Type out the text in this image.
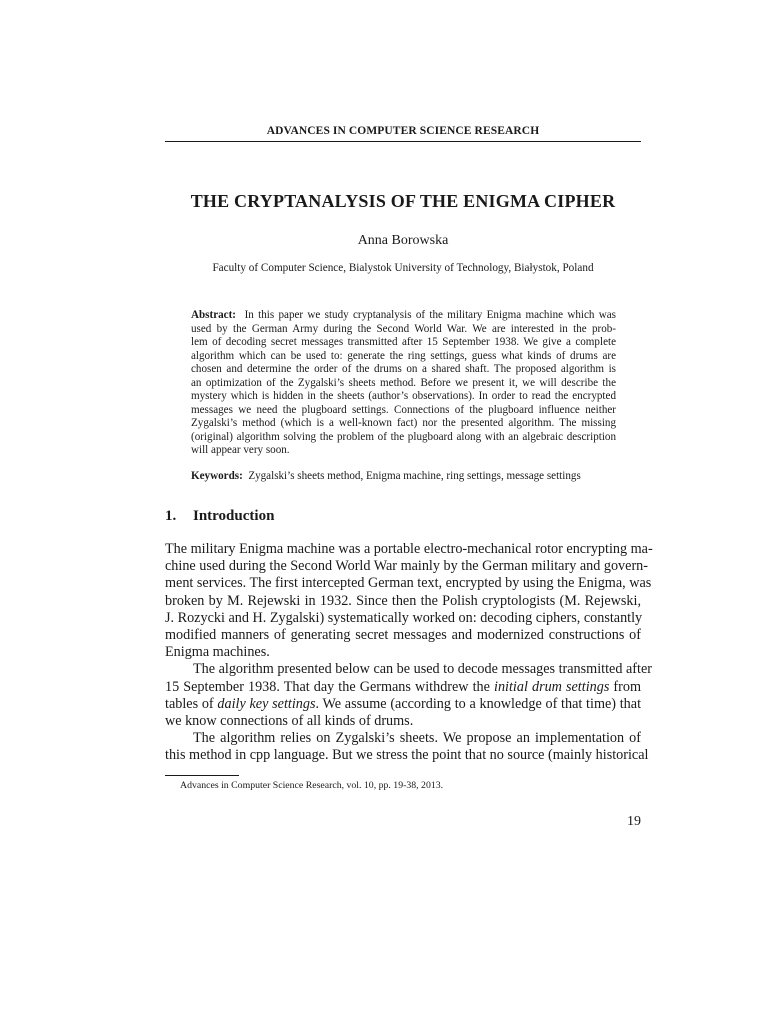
ADVANCES IN COMPUTER SCIENCE RESEARCH
THE CRYPTANALYSIS OF THE ENIGMA CIPHER
Anna Borowska
Faculty of Computer Science, Bialystok University of Technology, Białystok, Poland
Abstract: In this paper we study cryptanalysis of the military Enigma machine which was
used by the German Army during the Second World War. We are interested in the prob-
lem of decoding secret messages transmitted after 15 September 1938. We give a complete
algorithm which can be used to: generate the ring settings, guess what kinds of drums are
chosen and determine the order of the drums on a shared shaft. The proposed algorithm is
an optimization of the Zygalski’s sheets method. Before we present it, we will describe the
mystery which is hidden in the sheets (author’s observations). In order to read the encrypted
messages we need the plugboard settings. Connections of the plugboard influence neither
Zygalski’s method (which is a well-known fact) nor the presented algorithm. The missing
(original) algorithm solving the problem of the plugboard along with an algebraic description
will appear very soon.
Keywords: Zygalski’s sheets method, Enigma machine, ring settings, message settings
1. Introduction
The military Enigma machine was a portable electro-mechanical rotor encrypting ma-
chine used during the Second World War mainly by the German military and govern-
ment services. The first intercepted German text, encrypted by using the Enigma, was
broken by M. Rejewski in 1932. Since then the Polish cryptologists (M. Rejewski,
J. Rozycki and H. Zygalski) systematically worked on: decoding ciphers, constantly
modified manners of generating secret messages and modernized constructions of
Enigma machines.
The algorithm presented below can be used to decode messages transmitted after
15 September 1938. That day the Germans withdrew the initial drum settings from
tables of daily key settings. We assume (according to a knowledge of that time) that
we know connections of all kinds of drums.
The algorithm relies on Zygalski’s sheets. We propose an implementation of
this method in cpp language. But we stress the point that no source (mainly historical
Advances in Computer Science Research, vol. 10, pp. 19-38, 2013.
19
